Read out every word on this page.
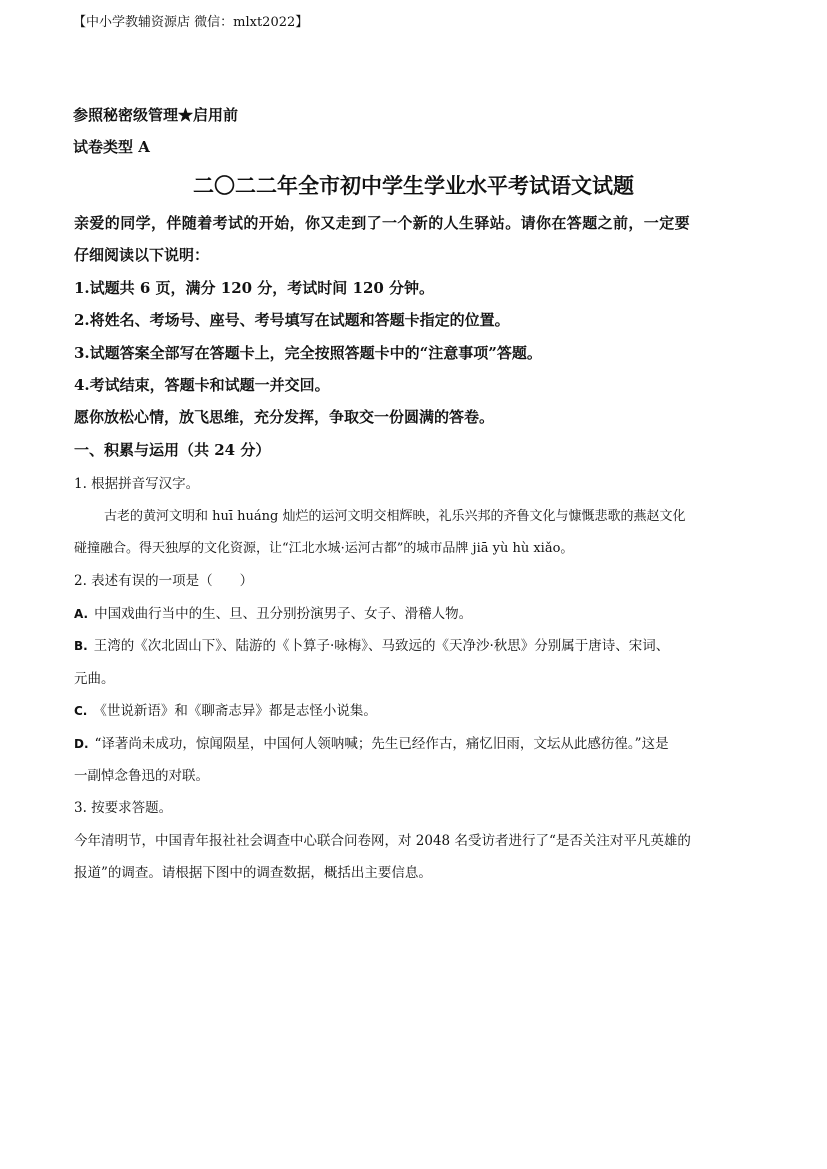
【中小学教辅资源店 微信：mlxt2022】
参照秘密级管理★启用前
试卷类型 A
二〇二二年全市初中学生学业水平考试语文试题
亲爱的同学，伴随着考试的开始，你又走到了一个新的人生驿站。请你在答题之前，一定要
仔细阅读以下说明：
1.试题共 6 页，满分 120 分，考试时间 120 分钟。
2.将姓名、考场号、座号、考号填写在试题和答题卡指定的位置。
3.试题答案全部写在答题卡上，完全按照答题卡中的“注意事项”答题。
4.考试结束，答题卡和试题一并交回。
愿你放松心情，放飞思维，充分发挥，争取交一份圆满的答卷。
一、积累与运用（共 24 分）
1. 根据拼音写汉字。
古老的黄河文明和 huī huáng 灿烂的运河文明交相辉映，礼乐兴邦的齐鲁文化与慷慨悲歌的燕赵文化
碰撞融合。得天独厚的文化资源，让“江北水城·运河古都”的城市品牌 jiā yù hù xiǎo。
2. 表述有误的一项是（　　）
A. 中国戏曲行当中的生、旦、丑分别扮演男子、女子、滑稽人物。
B. 王湾的《次北固山下》、陆游的《卜算子·咏梅》、马致远的《天净沙·秋思》分别属于唐诗、宋词、
元曲。
C. 《世说新语》和《聊斋志异》都是志怪小说集。
D. “译著尚未成功，惊闻陨星，中国何人领呐喊；先生已经作古，痛忆旧雨，文坛从此感彷徨。”这是
一副悼念鲁迅的对联。
3. 按要求答题。
今年清明节，中国青年报社社会调查中心联合问卷网，对 2048 名受访者进行了“是否关注对平凡英雄的
报道”的调查。请根据下图中的调查数据，概括出主要信息。
